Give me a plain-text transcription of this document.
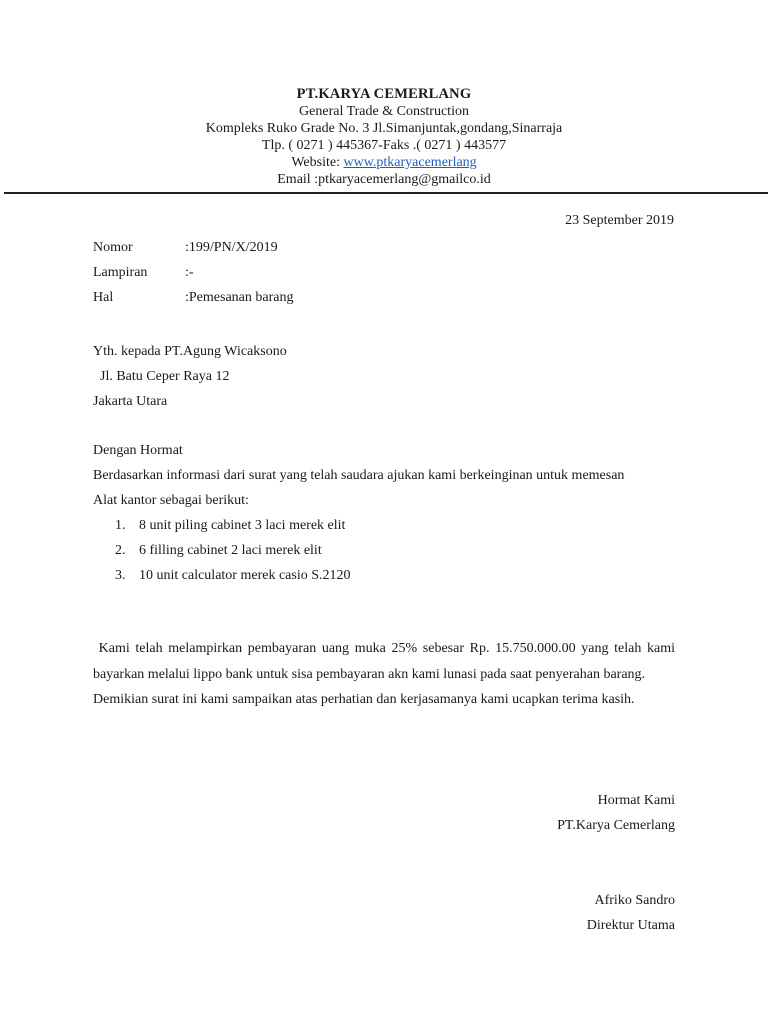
PT.KARYA CEMERLANG
General Trade & Construction
Kompleks Ruko Grade No. 3 Jl.Simanjuntak,gondang,Sinarraja
Tlp. ( 0271 ) 445367-Faks .( 0271 ) 443577
Website: www.ptkaryacemerlang
Email :ptkaryacemerlang@gmailco.id
23 September 2019
Nomor	:199/PN/X/2019
Lampiran	:-
Hal	:Pemesanan barang
Yth. kepada PT.Agung Wicaksono
Jl. Batu Ceper Raya 12
Jakarta Utara
Dengan Hormat
Berdasarkan informasi dari surat yang telah saudara ajukan kami berkeinginan untuk memesan
Alat kantor sebagai berikut:
1. 8 unit piling cabinet 3 laci merek elit
2. 6 filling cabinet 2 laci merek elit
3. 10 unit calculator merek casio S.2120

Kami telah melampirkan pembayaran uang muka 25% sebesar Rp. 15.750.000.00 yang telah kami bayarkan melalui lippo bank untuk sisa pembayaran akn kami lunasi pada saat penyerahan barang.

Demikian surat ini kami sampaikan atas perhatian dan kerjasamanya kami ucapkan terima kasih.

Hormat Kami
PT.Karya Cemerlang
Afriko Sandro
Direktur Utama
